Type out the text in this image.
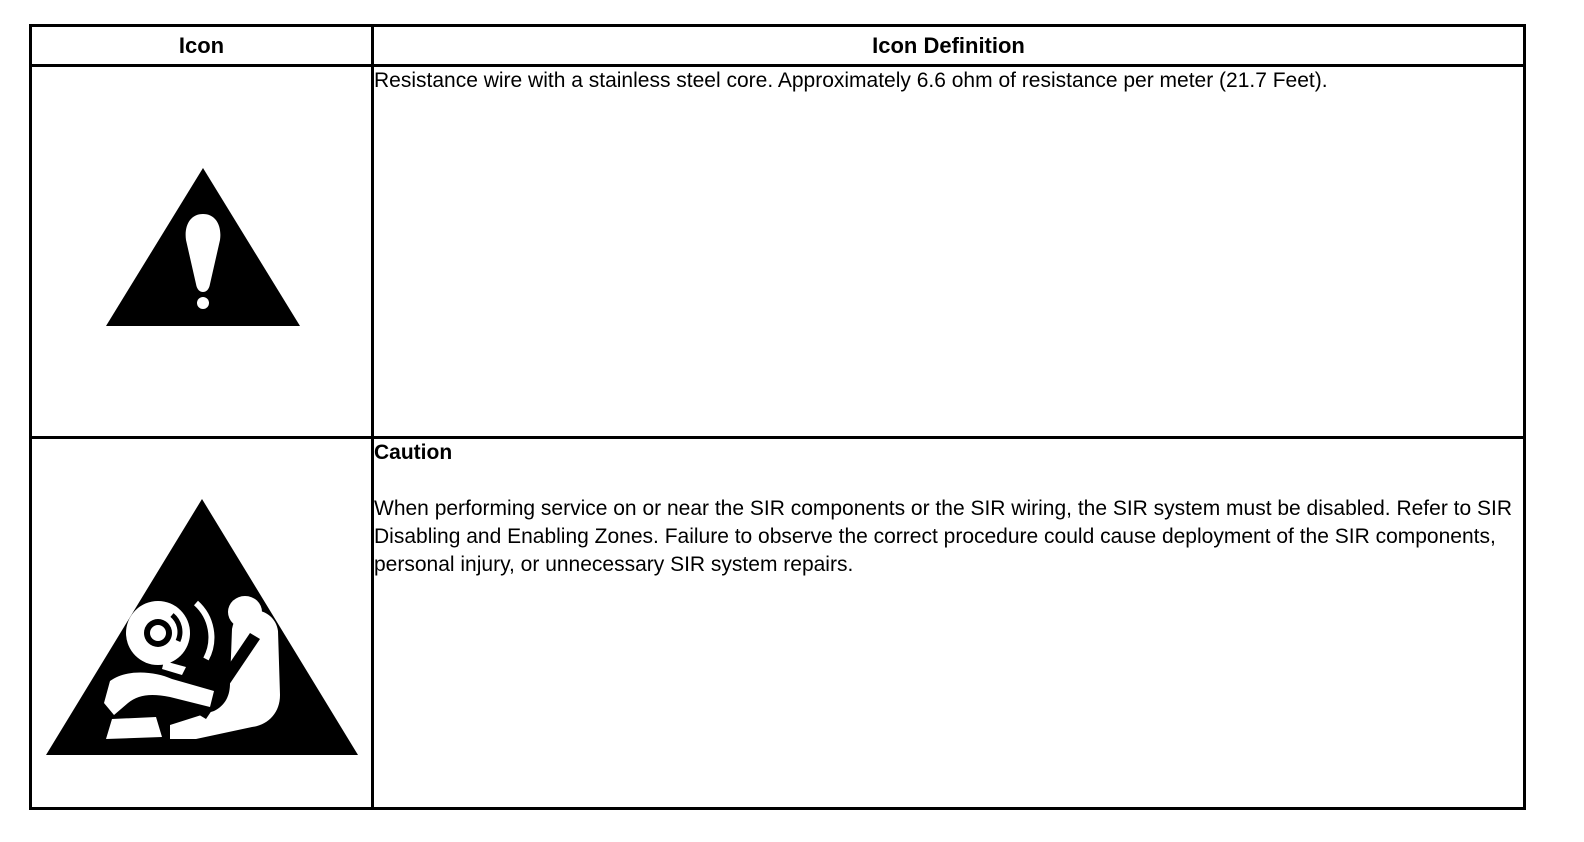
Icon	Icon Definition

Resistance wire with a stainless steel core. Approximately 6.6 ohm of resistance per meter (21.7 Feet).

Caution
When performing service on or near the SIR components or the SIR wiring, the SIR system must be disabled. Refer to SIR Disabling and Enabling Zones. Failure to observe the correct procedure could cause deployment of the SIR components, personal injury, or unnecessary SIR system repairs.
